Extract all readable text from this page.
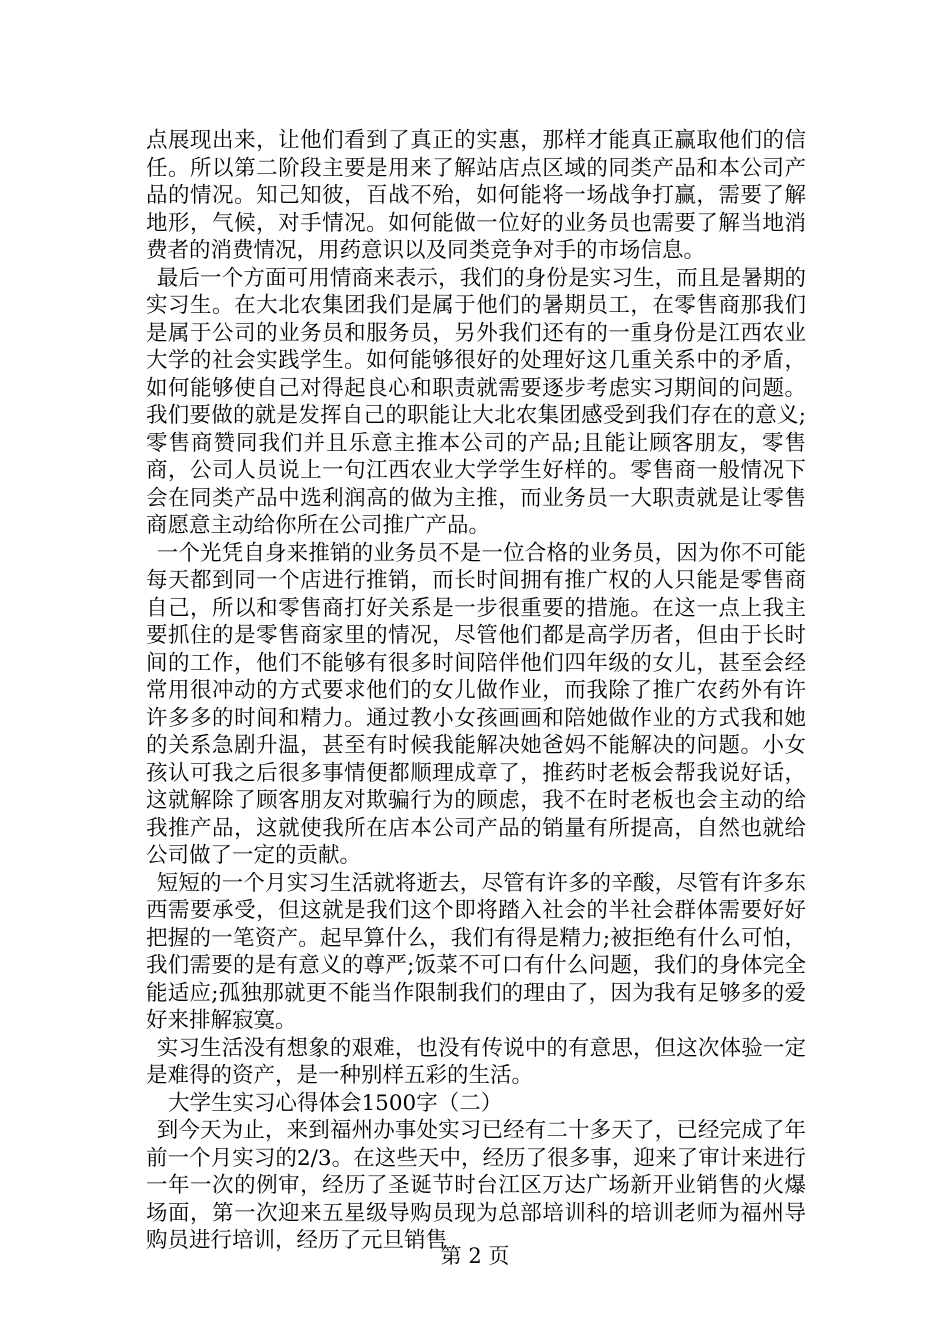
点展现出来，让他们看到了真正的实惠，那样才能真正赢取他们的信任。所以第二阶段主要是用来了解站店点区域的同类产品和本公司产品的情况。知己知彼，百战不殆，如何能将一场战争打赢，需要了解地形，气候，对手情况。如何能做一位好的业务员也需要了解当地消费者的消费情况，用药意识以及同类竞争对手的市场信息。

最后一个方面可用情商来表示，我们的身份是实习生，而且是暑期的实习生。在大北农集团我们是属于他们的暑期员工，在零售商那我们是属于公司的业务员和服务员，另外我们还有的一重身份是江西农业大学的社会实践学生。如何能够很好的处理好这几重关系中的矛盾，如何能够使自己对得起良心和职责就需要逐步考虑实习期间的问题。我们要做的就是发挥自己的职能让大北农集团感受到我们存在的意义;零售商赞同我们并且乐意主推本公司的产品;且能让顾客朋友，零售商，公司人员说上一句江西农业大学学生好样的。零售商一般情况下会在同类产品中选利润高的做为主推，而业务员一大职责就是让零售商愿意主动给你所在公司推广产品。

一个光凭自身来推销的业务员不是一位合格的业务员，因为你不可能每天都到同一个店进行推销，而长时间拥有推广权的人只能是零售商自己，所以和零售商打好关系是一步很重要的措施。在这一点上我主要抓住的是零售商家里的情况，尽管他们都是高学历者，但由于长时间的工作，他们不能够有很多时间陪伴他们四年级的女儿，甚至会经常用很冲动的方式要求他们的女儿做作业，而我除了推广农药外有许许多多的时间和精力。通过教小女孩画画和陪她做作业的方式我和她的关系急剧升温，甚至有时候我能解决她爸妈不能解决的问题。小女孩认可我之后很多事情便都顺理成章了，推药时老板会帮我说好话，这就解除了顾客朋友对欺骗行为的顾虑，我不在时老板也会主动的给我推产品，这就使我所在店本公司产品的销量有所提高，自然也就给公司做了一定的贡献。

短短的一个月实习生活就将逝去，尽管有许多的辛酸，尽管有许多东西需要承受，但这就是我们这个即将踏入社会的半社会群体需要好好把握的一笔资产。起早算什么，我们有得是精力;被拒绝有什么可怕，我们需要的是有意义的尊严;饭菜不可口有什么问题，我们的身体完全能适应;孤独那就更不能当作限制我们的理由了，因为我有足够多的爱好来排解寂寞。

实习生活没有想象的艰难，也没有传说中的有意思，但这次体验一定是难得的资产，是一种别样五彩的生活。

大学生实习心得体会1500字（二）

到今天为止，来到福州办事处实习已经有二十多天了，已经完成了年前一个月实习的2/3。在这些天中，经历了很多事，迎来了审计来进行一年一次的例审，经历了圣诞节时台江区万达广场新开业销售的火爆场面，第一次迎来五星级导购员现为总部培训科的培训老师为福州导购员进行培训，经历了元旦销售

第 2 页
